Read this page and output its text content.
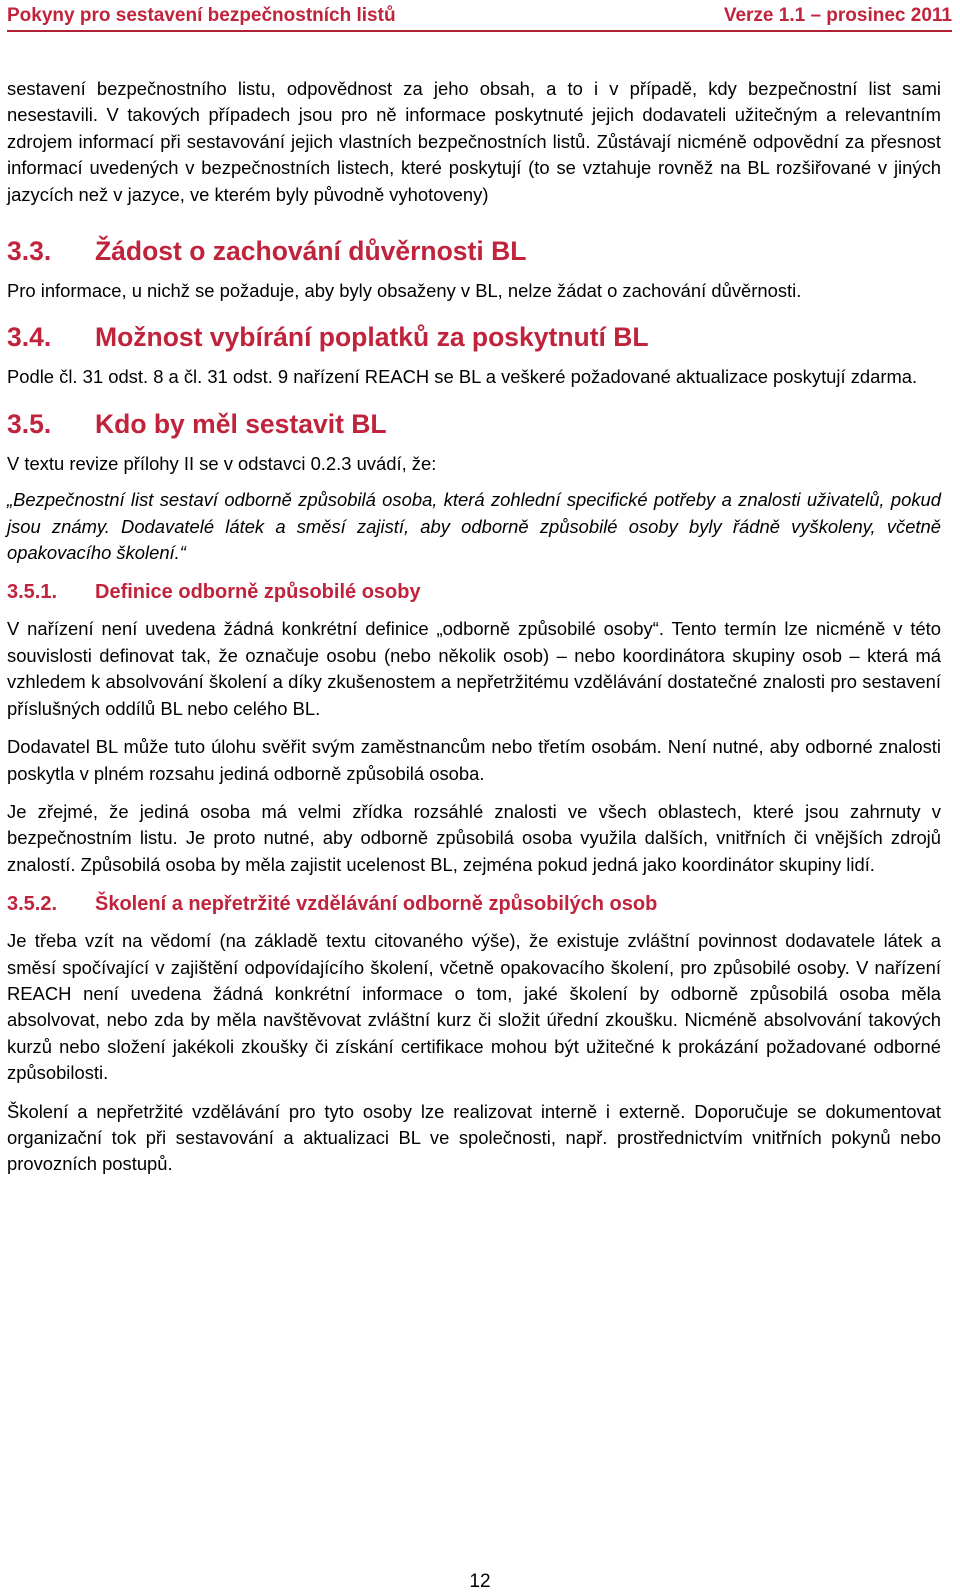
Pokyny pro sestavení bezpečnostních listů	Verze 1.1 – prosinec 2011

sestavení bezpečnostního listu, odpovědnost za jeho obsah, a to i v případě, kdy bezpečnostní list sami nesestavili. V takových případech jsou pro ně informace poskytnuté jejich dodavateli užitečným a relevantním zdrojem informací při sestavování jejich vlastních bezpečnostních listů. Zůstávají nicméně odpovědní za přesnost informací uvedených v bezpečnostních listech, které poskytují (to se vztahuje rovněž na BL rozšiřované v jiných jazycích než v jazyce, ve kterém byly původně vyhotoveny)

3.3. Žádost o zachování důvěrnosti BL

Pro informace, u nichž se požaduje, aby byly obsaženy v BL, nelze žádat o zachování důvěrnosti.

3.4. Možnost vybírání poplatků za poskytnutí BL

Podle čl. 31 odst. 8 a čl. 31 odst. 9 nařízení REACH se BL a veškeré požadované aktualizace poskytují zdarma.

3.5. Kdo by měl sestavit BL

V textu revize přílohy II se v odstavci 0.2.3 uvádí, že:

„Bezpečnostní list sestaví odborně způsobilá osoba, která zohlední specifické potřeby a znalosti uživatelů, pokud jsou známy. Dodavatelé látek a směsí zajistí, aby odborně způsobilé osoby byly řádně vyškoleny, včetně opakovacího školení.“

3.5.1. Definice odborně způsobilé osoby

V nařízení není uvedena žádná konkrétní definice „odborně způsobilé osoby“. Tento termín lze nicméně v této souvislosti definovat tak, že označuje osobu (nebo několik osob) – nebo koordinátora skupiny osob – která má vzhledem k absolvování školení a díky zkušenostem a nepřetržitému vzdělávání dostatečné znalosti pro sestavení příslušných oddílů BL nebo celého BL.

Dodavatel BL může tuto úlohu svěřit svým zaměstnancům nebo třetím osobám. Není nutné, aby odborné znalosti poskytla v plném rozsahu jediná odborně způsobilá osoba.

Je zřejmé, že jediná osoba má velmi zřídka rozsáhlé znalosti ve všech oblastech, které jsou zahrnuty v bezpečnostním listu. Je proto nutné, aby odborně způsobilá osoba využila dalších, vnitřních či vnějších zdrojů znalostí. Způsobilá osoba by měla zajistit ucelenost BL, zejména pokud jedná jako koordinátor skupiny lidí.

3.5.2. Školení a nepřetržité vzdělávání odborně způsobilých osob

Je třeba vzít na vědomí (na základě textu citovaného výše), že existuje zvláštní povinnost dodavatele látek a směsí spočívající v zajištění odpovídajícího školení, včetně opakovacího školení, pro způsobilé osoby. V nařízení REACH není uvedena žádná konkrétní informace o tom, jaké školení by odborně způsobilá osoba měla absolvovat, nebo zda by měla navštěvovat zvláštní kurz či složit úřední zkoušku. Nicméně absolvování takových kurzů nebo složení jakékoli zkoušky či získání certifikace mohou být užitečné k prokázání požadované odborné způsobilosti.

Školení a nepřetržité vzdělávání pro tyto osoby lze realizovat interně i externě. Doporučuje se dokumentovat organizační tok při sestavování a aktualizaci BL ve společnosti, např. prostřednictvím vnitřních pokynů nebo provozních postupů.

12
